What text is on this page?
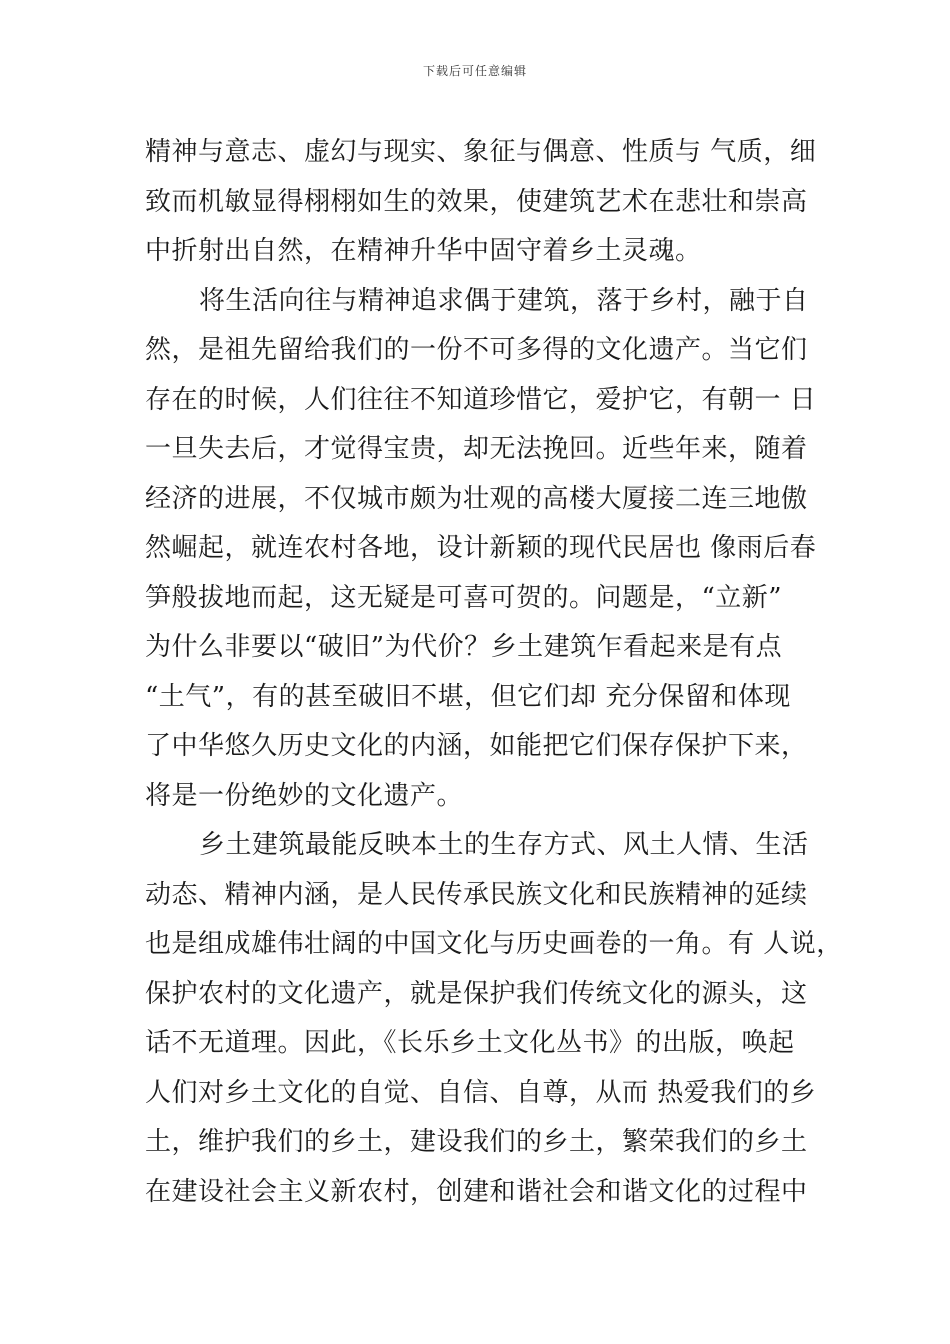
下载后可任意编辑
精神与意志、虚幻与现实、象征与偶意、性质与 气质，细
致而机敏显得栩栩如生的效果，使建筑艺术在悲壮和崇高
中折射出自然，在精神升华中固守着乡土灵魂。
将生活向往与精神追求偶于建筑，落于乡村，融于自
然，是祖先留给我们的一份不可多得的文化遗产。当它们
存在的时候，人们往往不知道珍惜它，爱护它，有朝一 日
一旦失去后，才觉得宝贵，却无法挽回。近些年来，随着
经济的进展，不仅城市颇为壮观的高楼大厦接二连三地傲
然崛起，就连农村各地，设计新颖的现代民居也 像雨后春
笋般拔地而起，这无疑是可喜可贺的。问题是，“立新”
为什么非要以“破旧”为代价？乡土建筑乍看起来是有点
“土气”，有的甚至破旧不堪，但它们却 充分保留和体现
了中华悠久历史文化的内涵，如能把它们保存保护下来，
将是一份绝妙的文化遗产。
乡土建筑最能反映本土的生存方式、风土人情、生活
动态、精神内涵，是人民传承民族文化和民族精神的延续
也是组成雄伟壮阔的中国文化与历史画卷的一角。有 人说，
保护农村的文化遗产，就是保护我们传统文化的源头，这
话不无道理。因此，《长乐乡土文化丛书》的出版，唤起
人们对乡土文化的自觉、自信、自尊，从而 热爱我们的乡
土，维护我们的乡土，建设我们的乡土，繁荣我们的乡土
在建设社会主义新农村，创建和谐社会和谐文化的过程中
